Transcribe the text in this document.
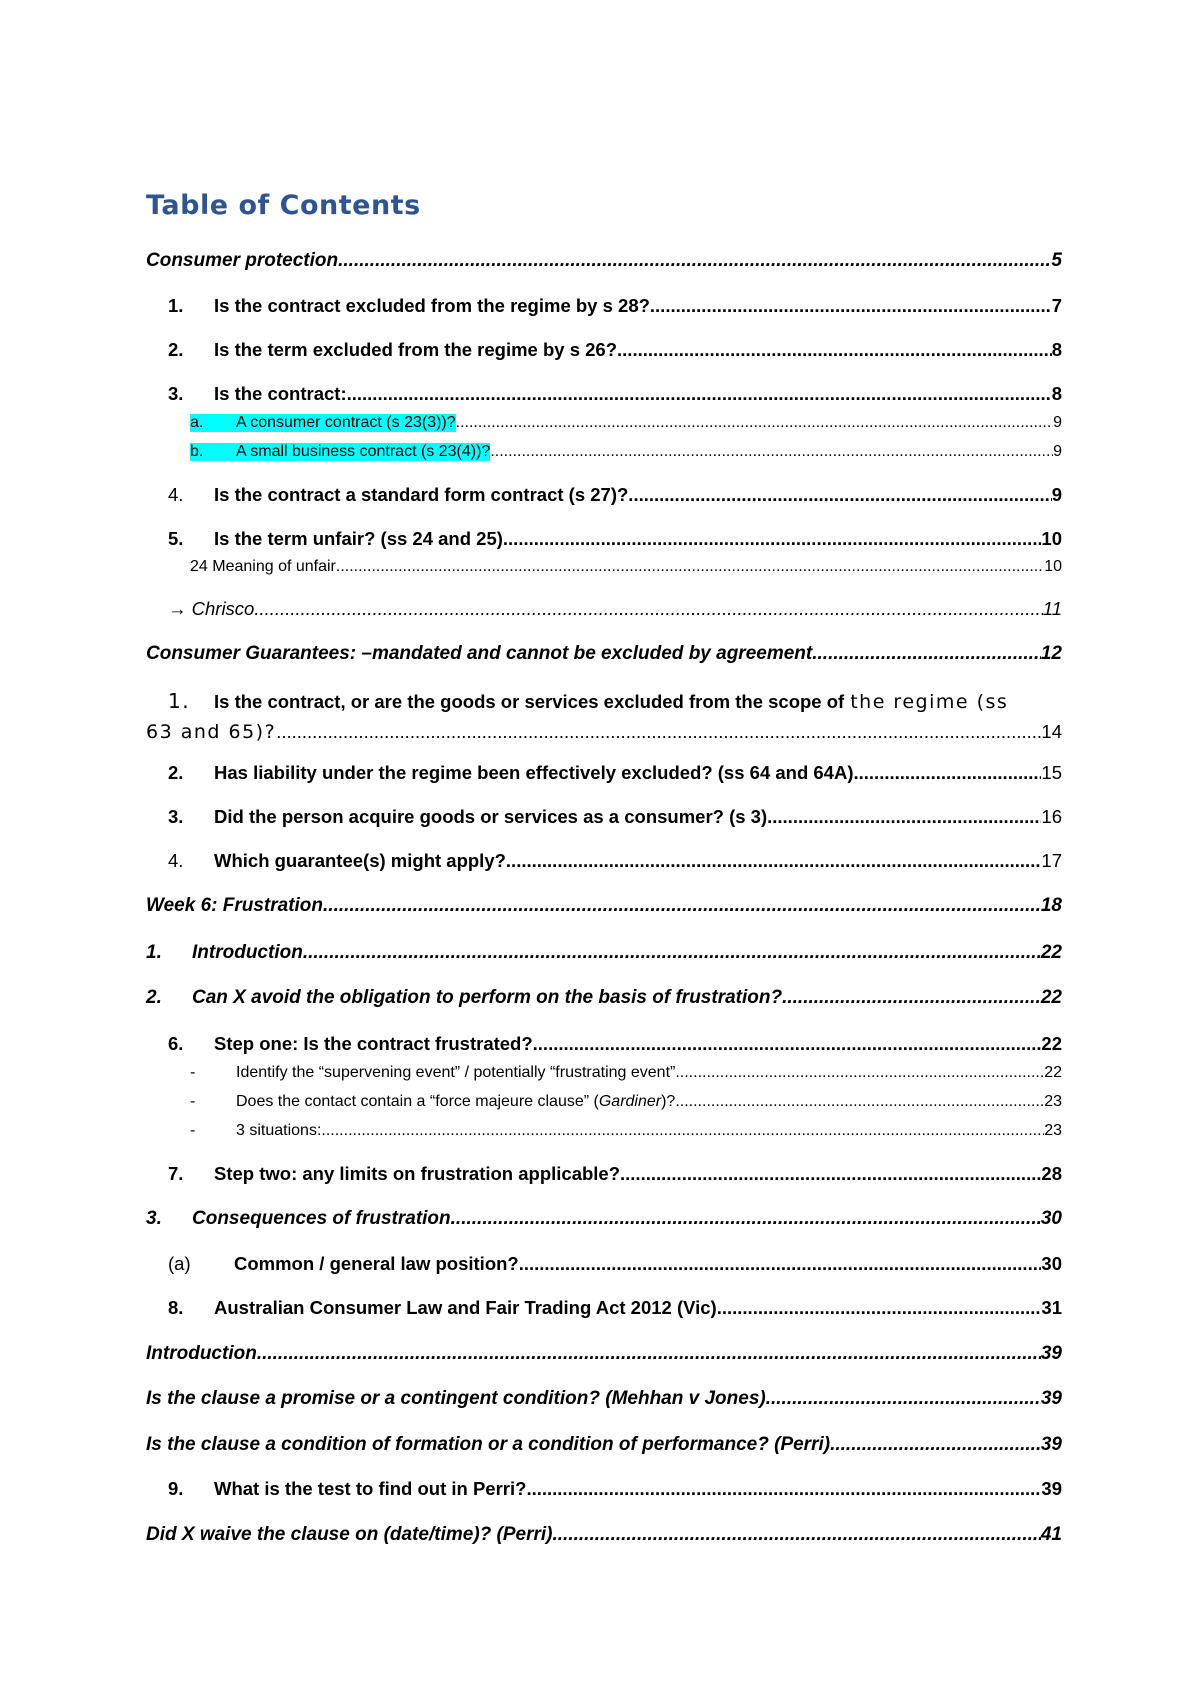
Table of Contents
Consumer protection .....	5
1.	Is the contract excluded from the regime by s 28? .....	7
2.	Is the term excluded from the regime by s 26? .....	8
3.	Is the contract: .....	8
a.	A consumer contract (s 23(3))? .....	9
b.	A small business contract (s 23(4))? .....	9
4.	Is the contract a standard form contract (s 27)?. .....	9
5.	Is the term unfair? (ss 24 and 25) .....	10
24 Meaning of unfair .....	10
→ Chrisco .....	11
Consumer Guarantees: –mandated and cannot be excluded by agreement .....	12
1.	Is the contract, or are the goods or services excluded from the scope of the regime (ss
63 and 65)? .....	14
2.	Has liability under the regime been effectively excluded? (ss 64 and 64A) .....	15
3.	Did the person acquire goods or services as a consumer? (s 3) .....	16
4.	Which guarantee(s) might apply? .....	17
Week 6: Frustration .....	18
1.	Introduction .....	22
2.	Can X avoid the obligation to perform on the basis of frustration? .....	22
6.	Step one: Is the contract frustrated? .....	22
-	Identify the “supervening event” / potentially “frustrating event” .....	22
-	Does the contact contain a “force majeure clause” ( Gardiner )? .....	23
-	3 situations: .....	23
7.	Step two: any limits on frustration applicable? .....	28
3.	Consequences of frustration .....	30
(a)	Common / general law position? .....	30
8.	Australian Consumer Law and Fair Trading Act 2012 (Vic) .....	31
Introduction .....	39
Is the clause a promise or a contingent condition? (Mehhan v Jones) .....	39
Is the clause a condition of formation or a condition of performance? (Perri) .....	39
9.	What is the test to find out in Perri? .....	39
Did X waive the clause on (date/time)? (Perri) .....	41
